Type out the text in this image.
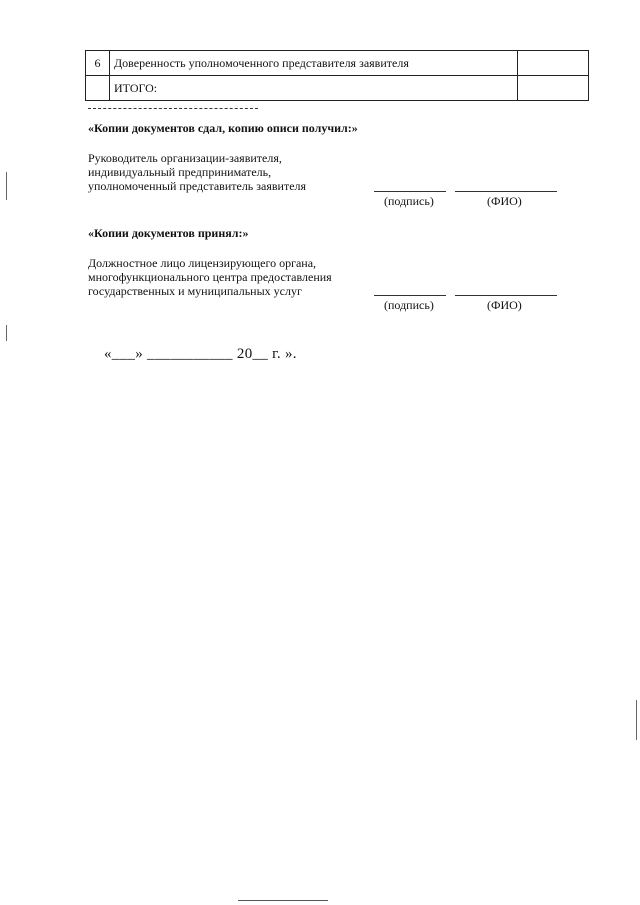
6	Доверенность уполномоченного представителя заявителя	
	ИТОГО:	
«Копии документов сдал, копию описи получил:»
Руководитель организации-заявителя,
индивидуальный предприниматель,
уполномоченный представитель заявителя
(подпись)	(ФИО)
«Копии документов принял:»
Должностное лицо лицензирующего органа,
многофункционального центра предоставления
государственных и муниципальных услуг
(подпись)	(ФИО)
«___» ___________ 20__ г. ».
